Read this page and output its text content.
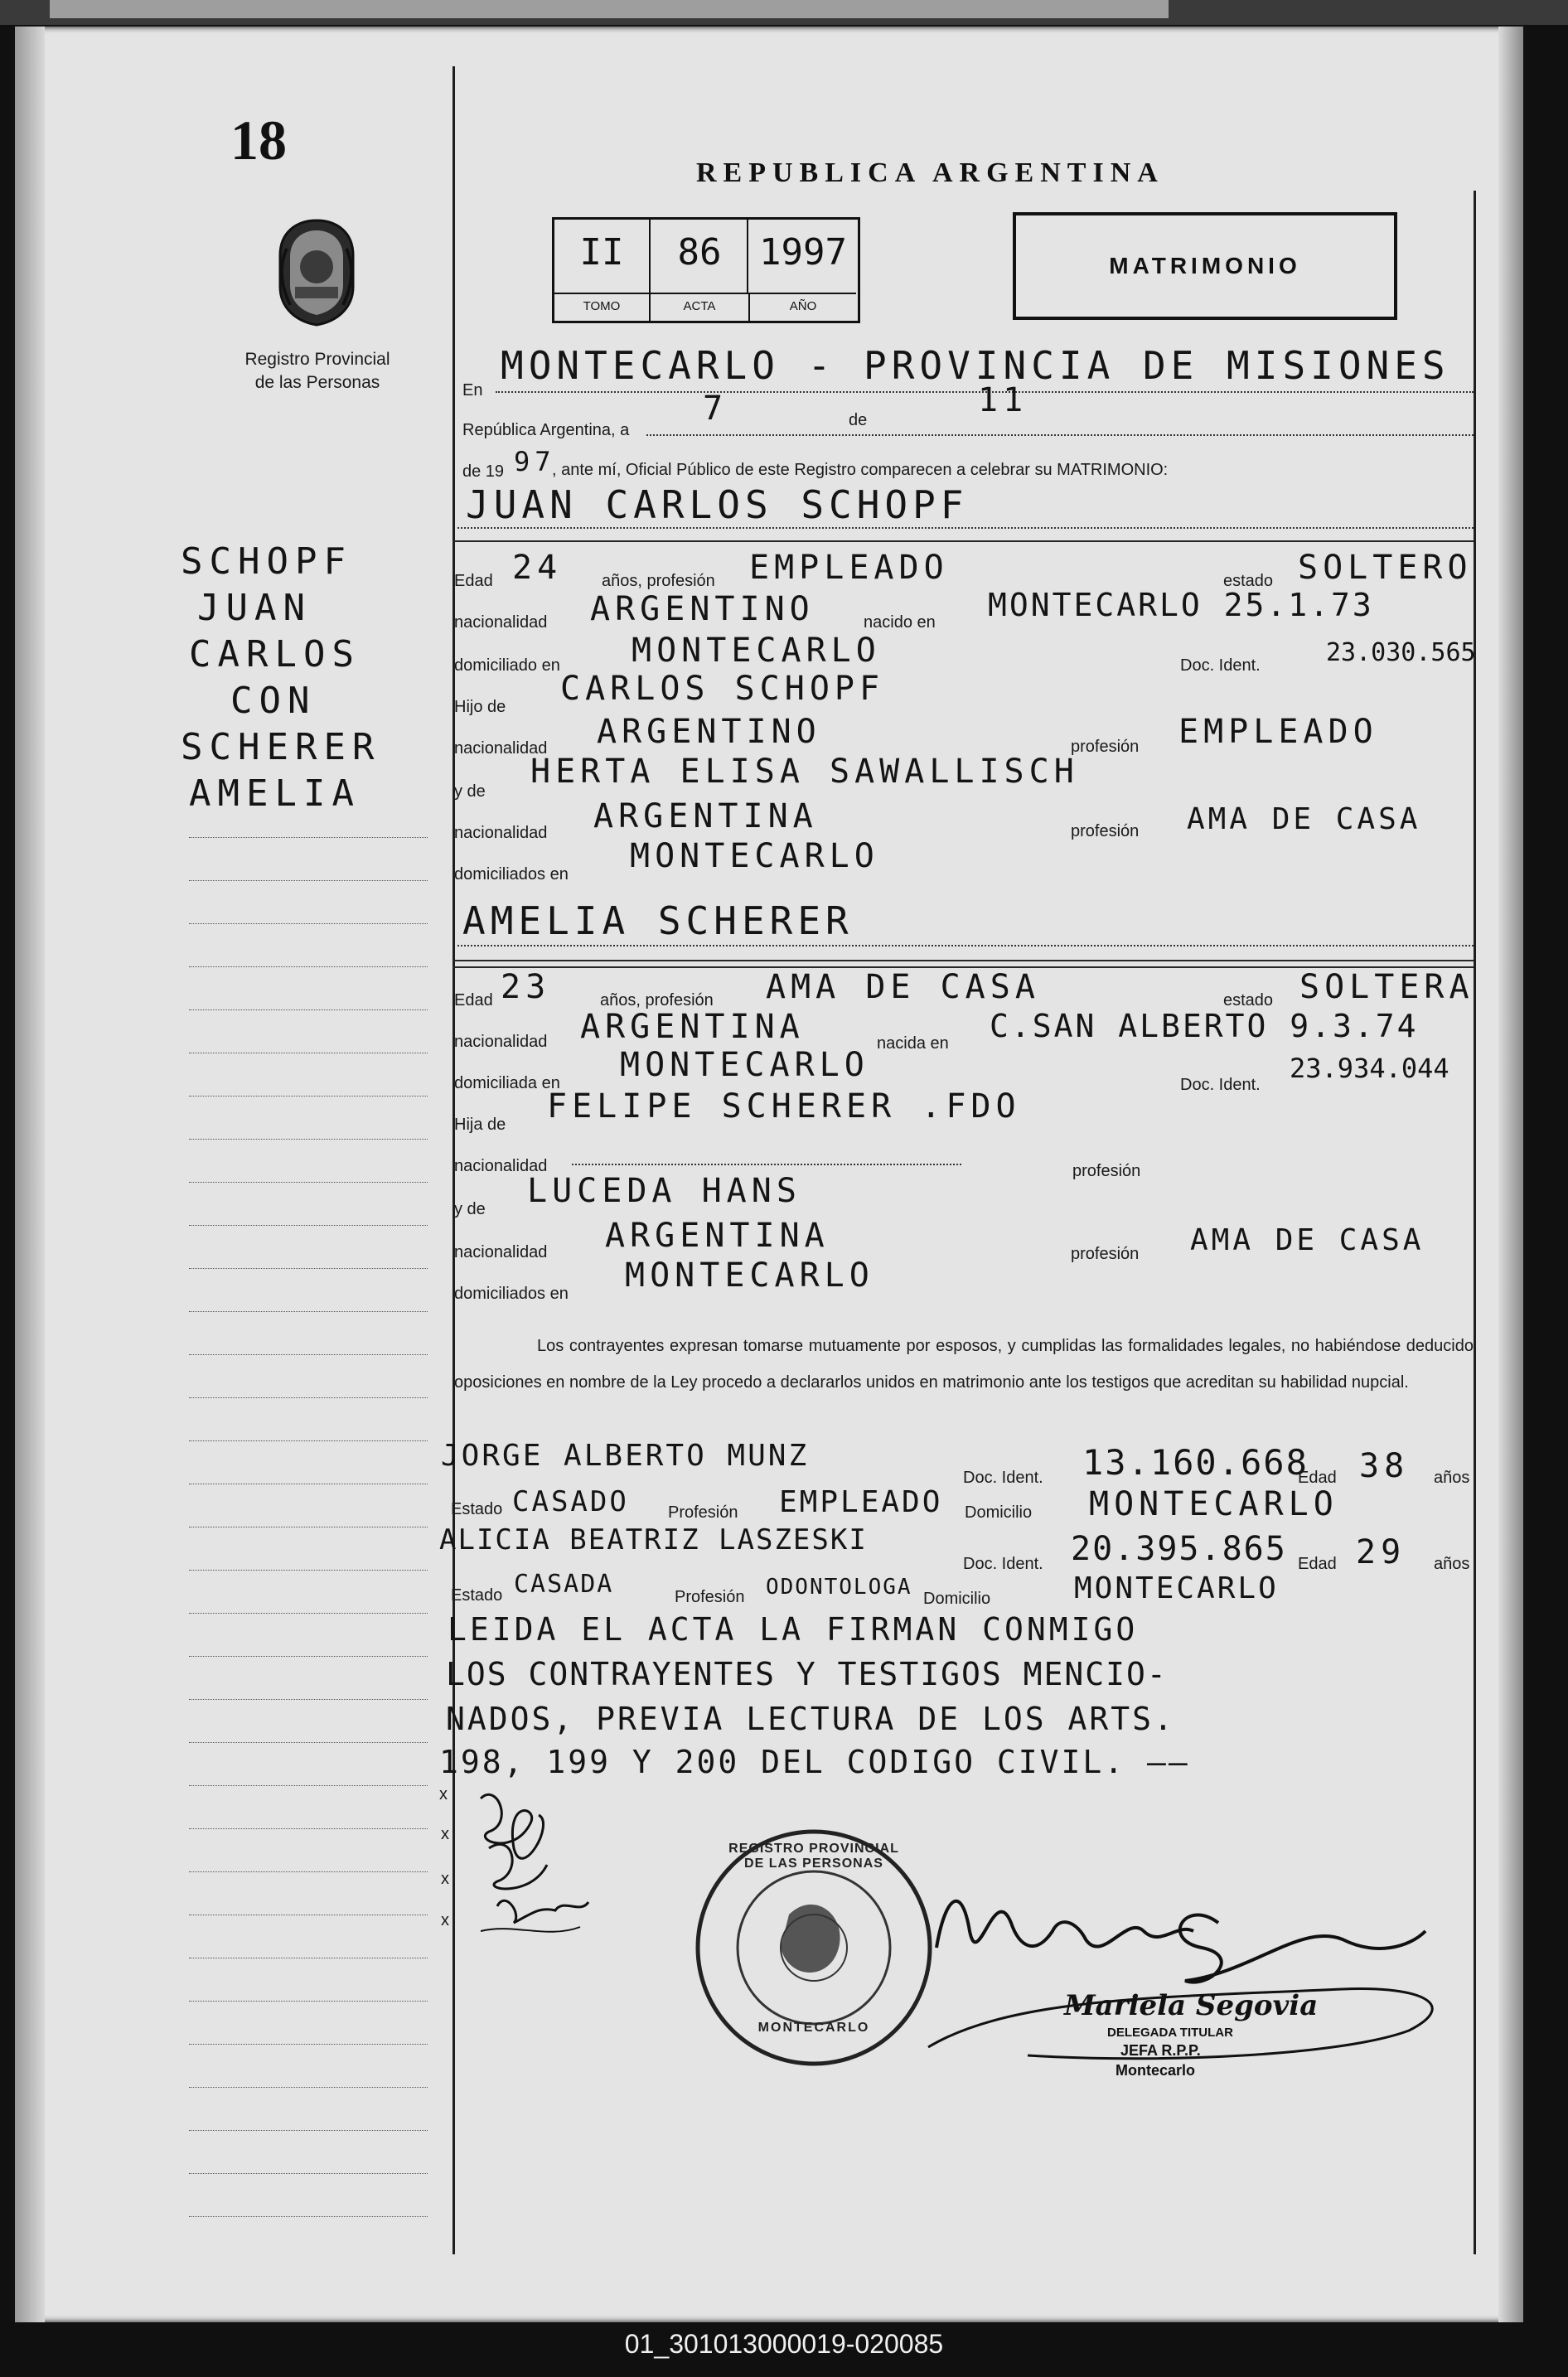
18
Registro Provincial
de las Personas
REPUBLICA ARGENTINA
II	86	1997
TOMO	ACTA	AÑO
MATRIMONIO
En
MONTECARLO - PROVINCIA DE MISIONES
República Argentina, a
7	de
11
de 19 97
, ante mí, Oficial Público de este Registro comparecen a celebrar su MATRIMONIO:
JUAN CARLOS SCHOPF
Edad 24 años, profesión EMPLEADO	estado SOLTERO
nacionalidad ARGENTINO	nacido en MONTECARLO 25.1.73
domiciliado en MONTECARLO	Doc. Ident.	23.030.565
Hijo de CARLOS SCHOPF
nacionalidad ARGENTINO	profesión EMPLEADO
y de
HERTA ELISA SAWALLISCH
nacionalidad ARGENTINA	profesión AMA DE CASA
domiciliados en MONTECARLO
AMELIA SCHERER
Edad 23	años, profesión AMA DE CASA	estado SOLTERA
nacionalidad ARGENTINA	nacida en C.SAN ALBERTO 9.3.74
domiciliada en MONTECARLO
Doc. Ident.
23.934.044
Hija de FELIPE SCHERER .FDO
nacionalidad	profesión
y de LUCEDA HANS
nacionalidad ARGENTINA	profesión AMA DE CASA
domiciliados en MONTECARLO
Los contrayentes expresan tomarse mutuamente por esposos, y cumplidas las formalidades legales, no habiéndose deducido oposiciones en nombre de la Ley procedo a declararlos unidos en matrimonio ante los testigos que acreditan su habilidad nupcial.
JORGE ALBERTO MUNZ
Doc. Ident. 13.160.668
Edad 38 años
Estado CASADO Profesión EMPLEADO Domicilio MONTECARLO
ALICIA BEATRIZ LASZESKI
Doc. Ident. 20.395.865 Edad 29 años
Estado CASADA	Profesión ODONTOLOGA Domicilio	MONTECARLO
LEIDA EL ACTA LA FIRMAN CONMIGO
LOS CONTRAYENTES Y TESTIGOS MENCIO-
NADOS, PREVIA LECTURA DE LOS ARTS.
198, 199 Y 200 DEL CODIGO CIVIL. ——
SCHOPF
JUAN
CARLOS
CON
SCHERER
AMELIA
x
x
x
x
REGISTRO PROVINCIAL DE LAS PERSONAS
MONTECARLO
Mariela Segovia
DELEGADA TITULAR
JEFA R.P.P.
Montecarlo
01_301013000019-020085
